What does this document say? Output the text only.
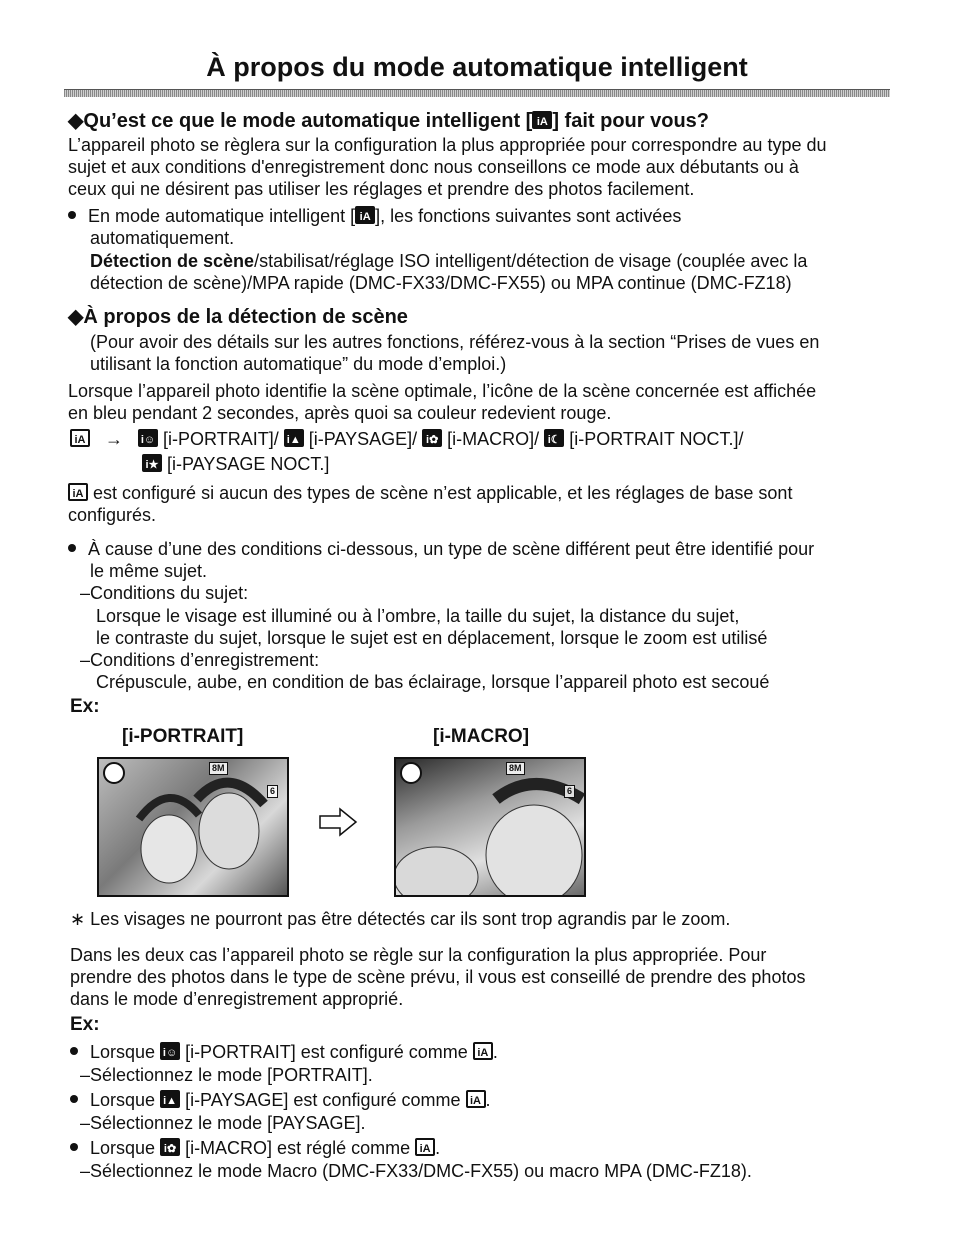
À propos du mode automatique intelligent
◆Qu’est ce que le mode automatique intelligent [ iA ] fait pour vous?
L’appareil photo se règlera sur la configuration la plus appropriée pour correspondre au type du
sujet et aux conditions d'enregistrement donc nous conseillons ce mode aux débutants ou à
ceux qui ne désirent pas utiliser les réglages et prendre des photos facilement.
En mode automatique intelligent [ iA ], les fonctions suivantes sont activées
automatiquement.
Détection de scène/stabilisat/réglage ISO intelligent/détection de visage (couplée avec la
détection de scène)/MPA rapide (DMC-FX33/DMC-FX55) ou MPA continue (DMC-FZ18)
◆À propos de la détection de scène
(Pour avoir des détails sur les autres fonctions, référez-vous à la section “Prises de vues en
utilisant la fonction automatique” du mode d’emploi.)
Lorsque l’appareil photo identifie la scène optimale, l’icône de la scène concernée est affichée
en bleu pendant 2 secondes, après quoi sa couleur redevient rouge.
iA → i☺ [i-PORTRAIT]/ i▲ [i-PAYSAGE]/ i✿ [i-MACRO]/ i☾ [i-PORTRAIT NOCT.]/
i★ [i-PAYSAGE NOCT.]
iA est configuré si aucun des types de scène n’est applicable, et les réglages de base sont
configurés.
À cause d’une des conditions ci-dessous, un type de scène différent peut être identifié pour
le même sujet.
–Conditions du sujet:
Lorsque le visage est illuminé ou à l’ombre, la taille du sujet, la distance du sujet,
le contraste du sujet, lorsque le sujet est en déplacement, lorsque le zoom est utilisé
–Conditions d’enregistrement:
Crépuscule, aube, en condition de bas éclairage, lorsque l’appareil photo est secoué
Ex:
[i-PORTRAIT]	[i-MACRO]
8M
6
8M
6
∗ Les visages ne pourront pas être détectés car ils sont trop agrandis par le zoom.
Dans les deux cas l’appareil photo se règle sur la configuration la plus appropriée. Pour
prendre des photos dans le type de scène prévu, il vous est conseillé de prendre des photos
dans le mode d’enregistrement approprié.
Ex:
Lorsque i☺ [i-PORTRAIT] est configuré comme iA .
–Sélectionnez le mode [PORTRAIT].
Lorsque i▲ [i-PAYSAGE] est configuré comme iA .
–Sélectionnez le mode [PAYSAGE].
Lorsque i✿ [i-MACRO] est réglé comme iA .
–Sélectionnez le mode Macro (DMC-FX33/DMC-FX55) ou macro MPA (DMC-FZ18).
